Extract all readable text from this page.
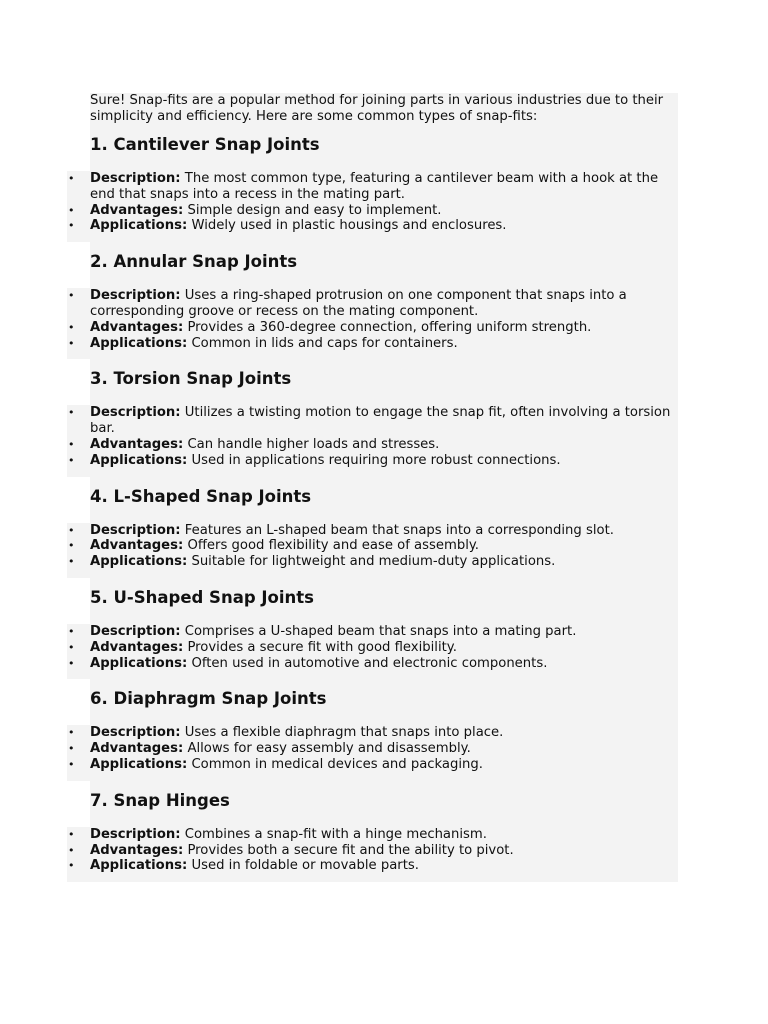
Sure! Snap-fits are a popular method for joining parts in various industries due to their simplicity and efficiency. Here are some common types of snap-fits:

1. Cantilever Snap Joints
• Description: The most common type, featuring a cantilever beam with a hook at the end that snaps into a recess in the mating part.
• Advantages: Simple design and easy to implement.
• Applications: Widely used in plastic housings and enclosures.
2. Annular Snap Joints
• Description: Uses a ring-shaped protrusion on one component that snaps into a corresponding groove or recess on the mating component.
• Advantages: Provides a 360-degree connection, offering uniform strength.
• Applications: Common in lids and caps for containers.
3. Torsion Snap Joints
• Description: Utilizes a twisting motion to engage the snap fit, often involving a torsion bar.
• Advantages: Can handle higher loads and stresses.
• Applications: Used in applications requiring more robust connections.
4. L-Shaped Snap Joints
• Description: Features an L-shaped beam that snaps into a corresponding slot.
• Advantages: Offers good flexibility and ease of assembly.
• Applications: Suitable for lightweight and medium-duty applications.
5. U-Shaped Snap Joints
• Description: Comprises a U-shaped beam that snaps into a mating part.
• Advantages: Provides a secure fit with good flexibility.
• Applications: Often used in automotive and electronic components.
6. Diaphragm Snap Joints
• Description: Uses a flexible diaphragm that snaps into place.
• Advantages: Allows for easy assembly and disassembly.
• Applications: Common in medical devices and packaging.
7. Snap Hinges
• Description: Combines a snap-fit with a hinge mechanism.
• Advantages: Provides both a secure fit and the ability to pivot.
• Applications: Used in foldable or movable parts.
